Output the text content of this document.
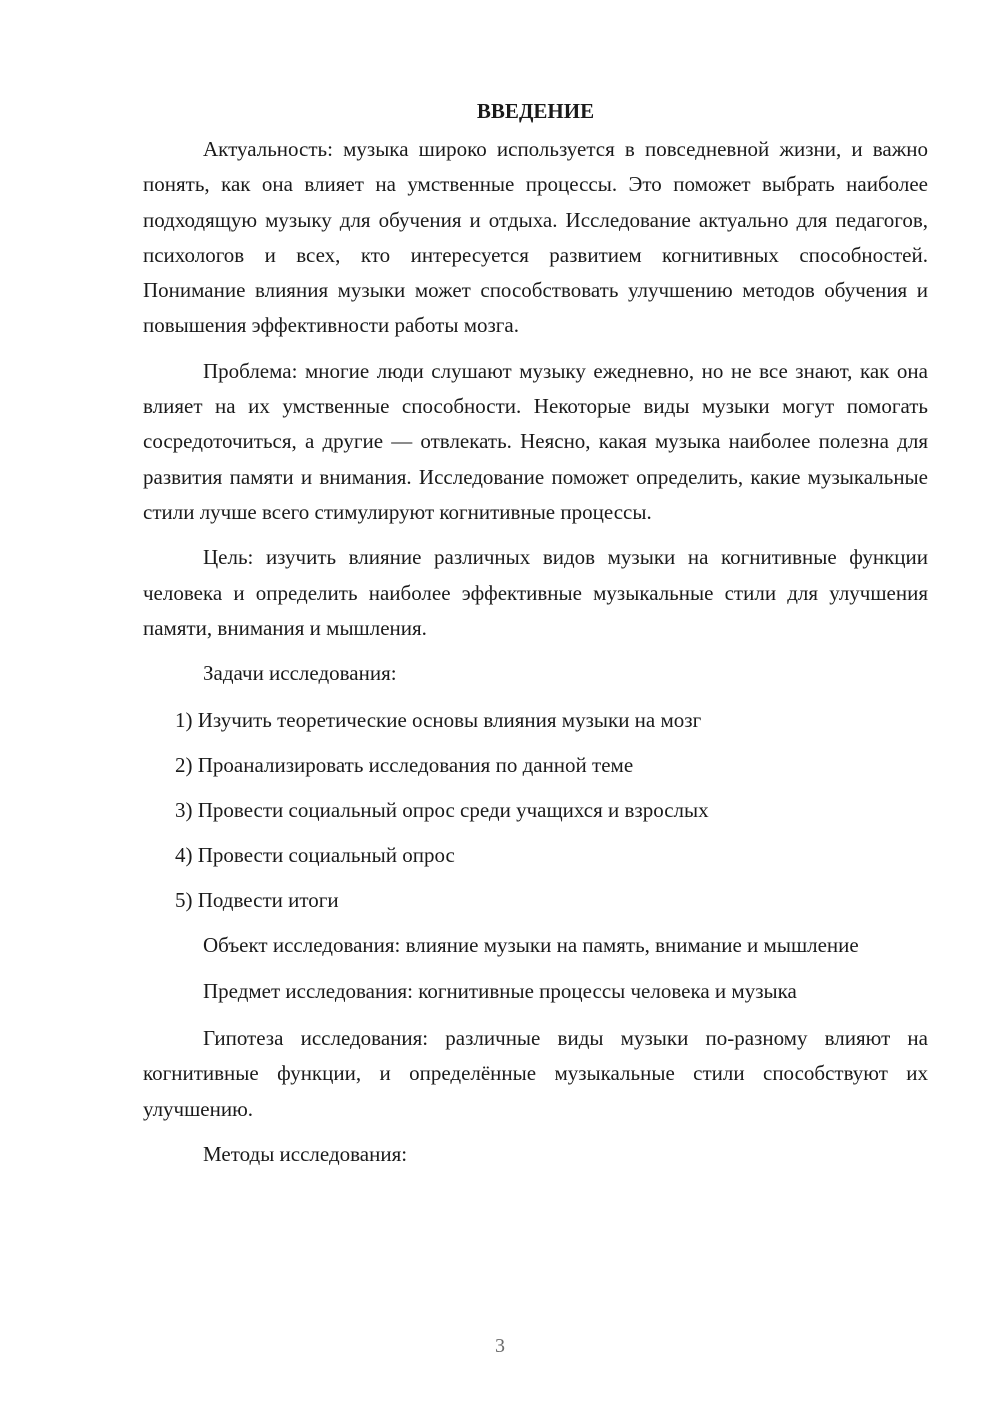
ВВЕДЕНИЕ

Актуальность: музыка широко используется в повседневной жизни, и важно понять, как она влияет на умственные процессы. Это поможет выбрать наиболее подходящую музыку для обучения и отдыха. Исследование актуально для педагогов, психологов и всех, кто интересуется развитием когнитивных способностей. Понимание влияния музыки может способствовать улучшению методов обучения и повышения эффективности работы мозга.

Проблема: многие люди слушают музыку ежедневно, но не все знают, как она влияет на их умственные способности. Некоторые виды музыки могут помогать сосредоточиться, а другие — отвлекать. Неясно, какая музыка наиболее полезна для развития памяти и внимания. Исследование поможет определить, какие музыкальные стили лучше всего стимулируют когнитивные процессы.

Цель: изучить влияние различных видов музыки на когнитивные функции человека и определить наиболее эффективные музыкальные стили для улучшения памяти, внимания и мышления.

Задачи исследования:

1) Изучить теоретические основы влияния музыки на мозг
2) Проанализировать исследования по данной теме
3) Провести социальный опрос среди учащихся и взрослых
4) Провести социальный опрос
5) Подвести итоги

Объект исследования: влияние музыки на память, внимание и мышление

Предмет исследования: когнитивные процессы человека и музыка

Гипотеза исследования: различные виды музыки по-разному влияют на когнитивные функции, и определённые музыкальные стили способствуют их улучшению.

Методы исследования:

3
